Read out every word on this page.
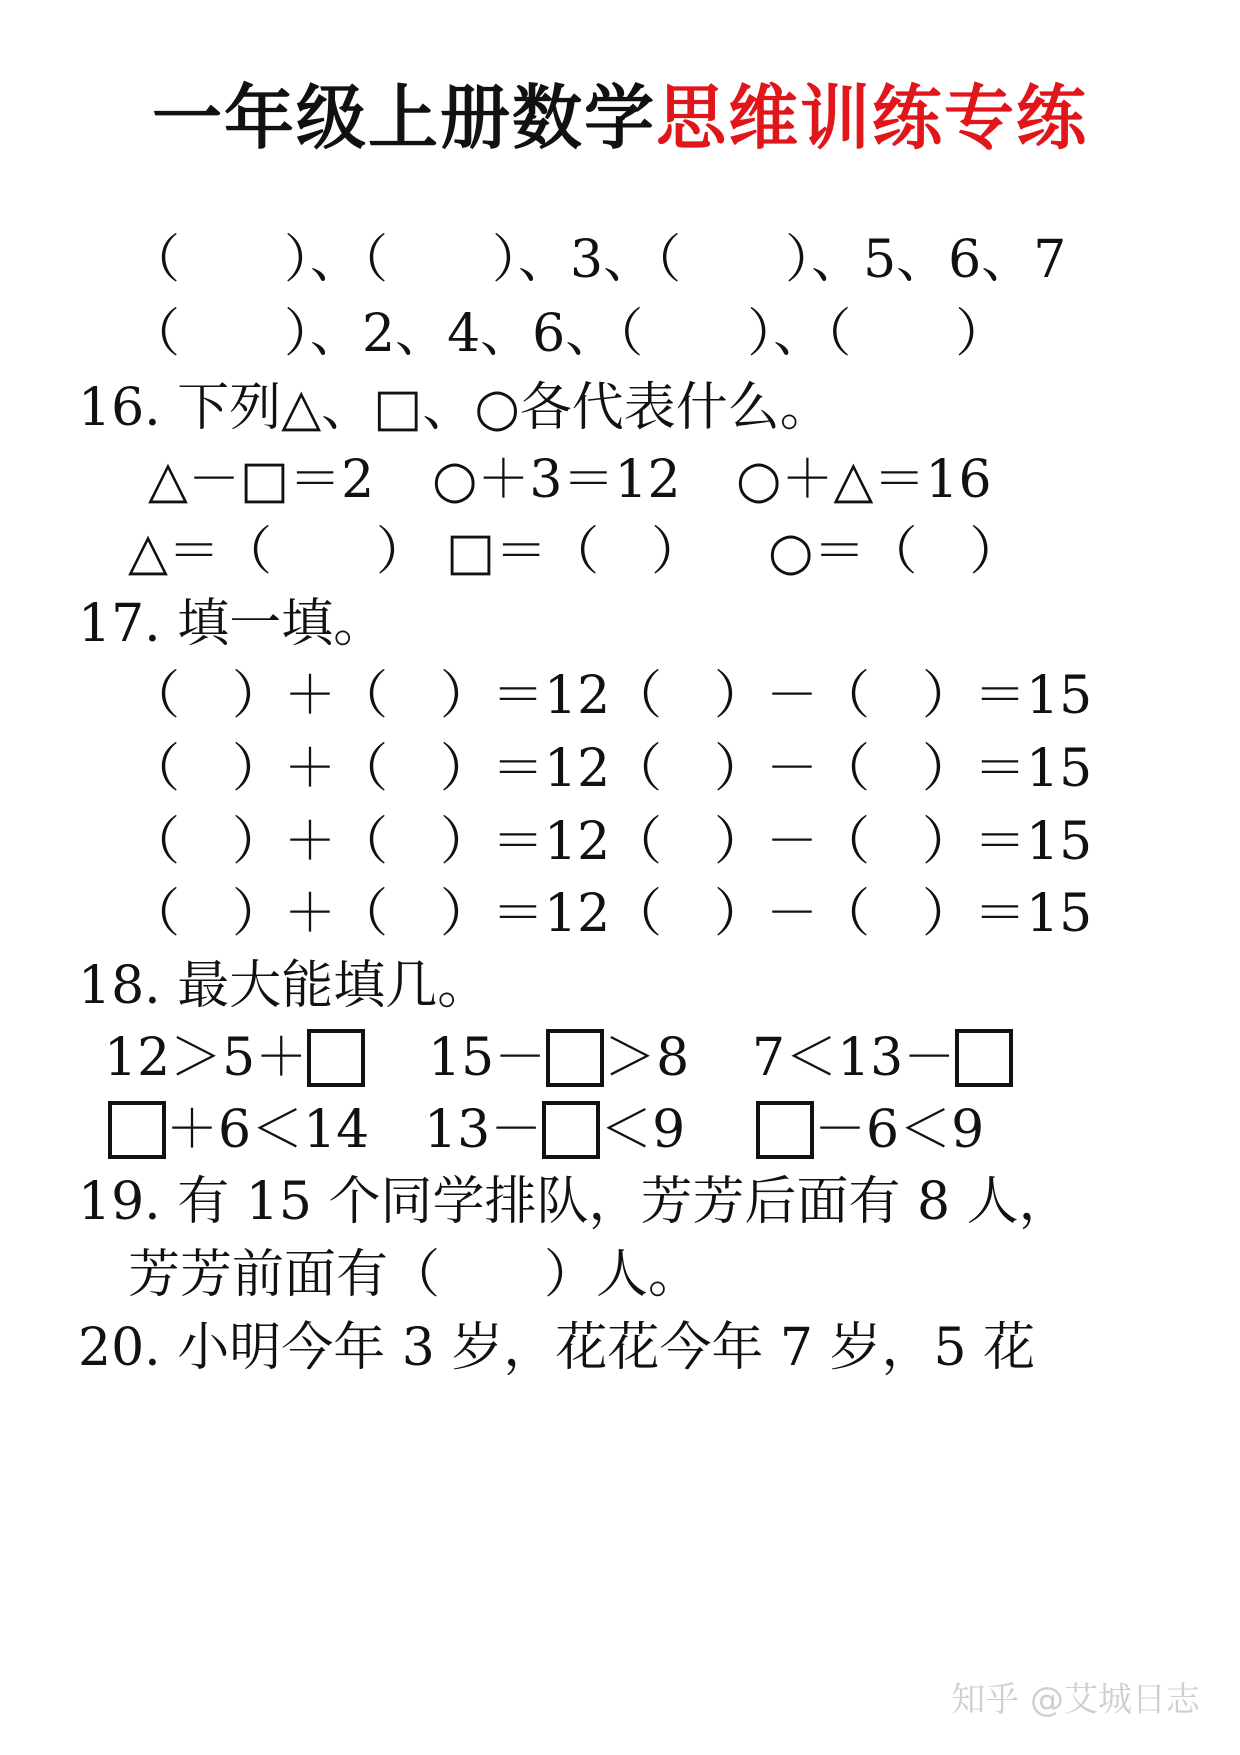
一年级上册数学思维训练专练
（　　）、（　　）、3、（　　）、5、6、7
（　　）、2、4、6、（　　）、（　　）
16. 下列△、□、○各代表什么。
△－□＝2 ○＋3＝12 ○＋△＝16
△＝（　　） □＝（　） ○＝（　）
17. 填一填。
（　）＋（　）＝12 （　）－（　）＝15
（　）＋（　）＝12 （　）－（　）＝15
（　）＋（　）＝12 （　）－（　）＝15
（　）＋（　）＝12 （　）－（　）＝15
18. 最大能填几。
12＞5＋	15－ ＞8 7＜13－
＋6＜14 13－ ＜9	－6＜9
19. 有 15 个同学排队，芳芳后面有 8 人，
芳芳前面有（　　）人。
20. 小明今年 3 岁，花花今年 7 岁，5 花
知乎 @艾城日志
